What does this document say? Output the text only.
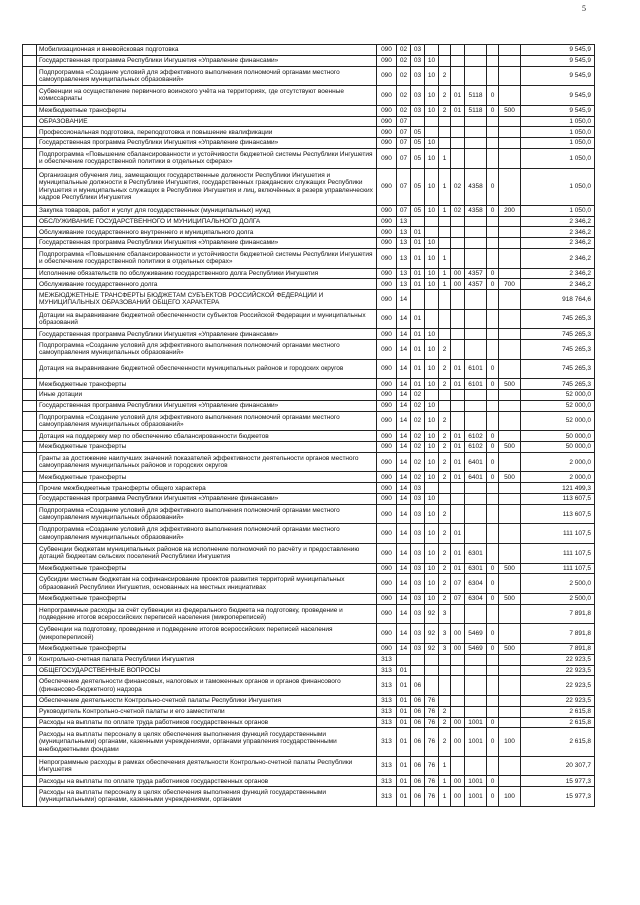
5
	Мобилизационная и вневойсковая подготовка	090	02	03							9 545,9
	Государственная программа Республики Ингушетия «Управление финансами»	090	02	03	10						9 545,9
	Подпрограмма «Создание условий для эффективного выполнения полномочий органами местного самоуправления муниципальных образований»	090	02	03	10	2					9 545,9
	Субвенции на осуществление первичного воинского учёта на территориях, где отсутствуют военные комиссариаты	090	02	03	10	2	01	5118	0		9 545,9
	Межбюджетные трансферты	090	02	03	10	2	01	5118	0	500	9 545,9
	ОБРАЗОВАНИЕ	090	07								1 050,0
	Профессиональная подготовка, переподготовка и повышение квалификации	090	07	05							1 050,0
	Государственная программа Республики Ингушетия «Управление финансами»	090	07	05	10						1 050,0
	Подпрограмма «Повышение сбалансированности и устойчивости бюджетной системы Республики Ингушетия и обеспечение государственной политики в отдельных сферах»	090	07	05	10	1					1 050,0
	Организация обучения лиц, замещающих государственные должности Республики Ингушетия и муниципальные должности в Республике Ингушетия, государственных гражданских служащих Республики Ингушетия и муниципальных служащих в Республике Ингушетия и лиц, включённых в резерв управленческих кадров Республики Ингушетия	090	07	05	10	1	02	4358	0		1 050,0
	Закупка товаров, работ и услуг для государственных (муниципальных) нужд	090	07	05	10	1	02	4358	0	200	1 050,0
	ОБСЛУЖИВАНИЕ ГОСУДАРСТВЕННОГО И МУНИЦИПАЛЬНОГО ДОЛГА	090	13								2 346,2
	Обслуживание государственного внутреннего и муниципального долга	090	13	01							2 346,2
	Государственная программа Республики Ингушетия «Управление финансами»	090	13	01	10						2 346,2
	Подпрограмма «Повышение сбалансированности и устойчивости бюджетной системы Республики Ингушетия и обеспечение государственной политики в отдельных сферах»	090	13	01	10	1					2 346,2
	Исполнение обязательств по обслуживанию государственного долга Республики Ингушетия	090	13	01	10	1	00	4357	0		2 346,2
	Обслуживание государственного долга	090	13	01	10	1	00	4357	0	700	2 346,2
	МЕЖБЮДЖЕТНЫЕ ТРАНСФЕРТЫ БЮДЖЕТАМ СУБЪЕКТОВ РОССИЙСКОЙ ФЕДЕРАЦИИ И МУНИЦИПАЛЬНЫХ ОБРАЗОВАНИЙ ОБЩЕГО ХАРАКТЕРА	090	14								918 764,6
	Дотации на выравнивание бюджетной обеспеченности субъектов Российской Федерации и муниципальных образований	090	14	01							745 265,3
	Государственная программа Республики Ингушетия «Управление финансами»	090	14	01	10						745 265,3
	Подпрограмма «Создание условий для эффективного выполнения полномочий органами местного самоуправления муниципальных образований»	090	14	01	10	2					745 265,3
	Дотация на выравнивание бюджетной обеспеченности муниципальных районов и городских округов	090	14	01	10	2	01	6101	0		745 265,3
	Межбюджетные трансферты	090	14	01	10	2	01	6101	0	500	745 265,3
	Иные дотации	090	14	02							52 000,0
	Государственная программа Республики Ингушетия «Управление финансами»	090	14	02	10						52 000,0
	Подпрограмма «Создание условий для эффективного выполнения полномочий органами местного самоуправления муниципальных образований»	090	14	02	10	2					52 000,0
	Дотация на поддержку мер по обеспечению сбалансированности бюджетов	090	14	02	10	2	01	6102	0		50 000,0
	Межбюджетные трансферты	090	14	02	10	2	01	6102	0	500	50 000,0
	Гранты за достижение наилучших значений показателей эффективности деятельности органов местного самоуправления муниципальных районов и городских округов	090	14	02	10	2	01	6401	0		2 000,0
	Межбюджетные трансферты	090	14	02	10	2	01	6401	0	500	2 000,0
	Прочие межбюджетные трансферты общего характера	090	14	03							121 499,3
	Государственная программа Республики Ингушетия «Управление финансами»	090	14	03	10						113 607,5
	Подпрограмма «Создание условий для эффективного выполнения полномочий органами местного самоуправления муниципальных образований»	090	14	03	10	2					113 607,5
	Подпрограмма «Создание условий для эффективного выполнения полномочий органами местного самоуправления муниципальных образований»	090	14	03	10	2	01				111 107,5
	Субвенции бюджетам муниципальных районов на исполнение полномочий по расчёту и предоставлению дотаций бюджетам сельских поселений Республики Ингушетия	090	14	03	10	2	01	6301			111 107,5
	Межбюджетные трансферты	090	14	03	10	2	01	6301	0	500	111 107,5
	Субсидии местным бюджетам на софинансирование проектов развития территорий муниципальных образований Республики Ингушетия, основанных на местных инициативах	090	14	03	10	2	07	6304	0		2 500,0
	Межбюджетные трансферты	090	14	03	10	2	07	6304	0	500	2 500,0
	Непрограммные расходы за счёт субвенции из федерального бюджета на подготовку, проведение и подведение итогов всероссийских переписей населения (микропереписей)	090	14	03	92	3					7 891,8
	Субвенции на подготовку, проведение и подведение итогов всероссийских переписей населения (микропереписей)	090	14	03	92	3	00	5469	0		7 891,8
	Межбюджетные трансферты	090	14	03	92	3	00	5469	0	500	7 891,8
9	Контрольно-счетная палата Республики Ингушетия	313									22 923,5
	ОБЩЕГОСУДАРСТВЕННЫЕ ВОПРОСЫ	313	01								22 923,5
	Обеспечение деятельности финансовых, налоговых и таможенных органов и органов финансового (финансово-бюджетного) надзора	313	01	06							22 923,5
	Обеспечение деятельности Контрольно-счетной палаты Республики Ингушетия	313	01	06	76						22 923,5
	Руководитель Контрольно-счетной палаты и его заместители	313	01	06	76	2					2 615,8
	Расходы на выплаты по оплате труда работников государственных органов	313	01	06	76	2	00	1001	0		2 615,8
	Расходы на выплаты персоналу в целях обеспечения выполнения функций государственными (муниципальными) органами, казенными учреждениями, органами управления государственными внебюджетными фондами	313	01	06	76	2	00	1001	0	100	2 615,8
	Непрограммные расходы в рамках обеспечения деятельности Контрольно-счетной палаты Республики Ингушетия	313	01	06	76	1					20 307,7
	Расходы на выплаты по оплате труда работников государственных органов	313	01	06	76	1	00	1001	0		15 977,3
	Расходы на выплаты персоналу в целях обеспечения выполнения функций государственными (муниципальными) органами, казенными учреждениями, органами	313	01	06	76	1	00	1001	0	100	15 977,3
